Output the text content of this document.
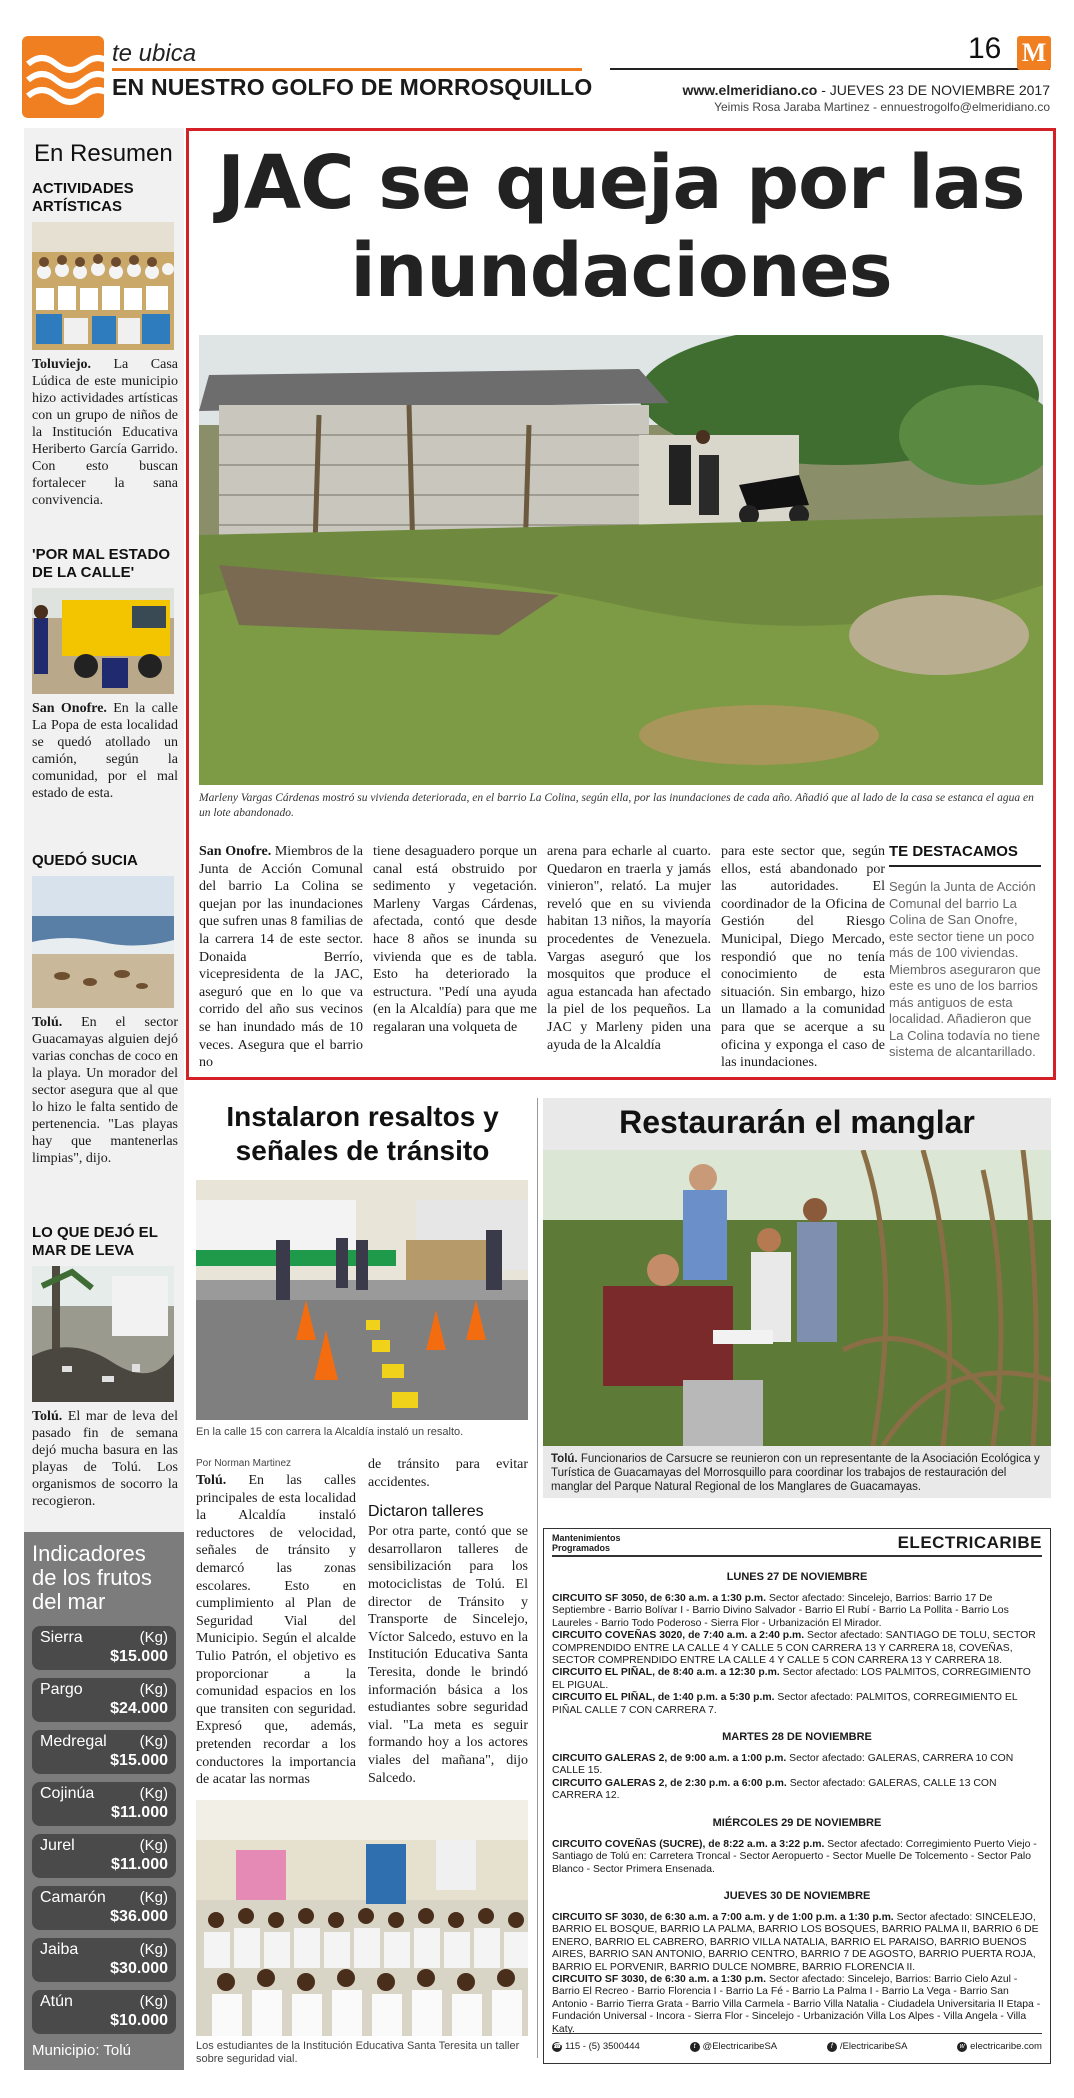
te ubica
EN NUESTRO GOLFO DE MORROSQUILLO
16 M
www.elmeridiano.co - JUEVES 23 DE NOVIEMBRE 2017
Yeimis Rosa Jaraba Martinez - ennuestrogolfo@elmeridiano.co
En Resumen
ACTIVIDADES ARTÍSTICAS
Toluviejo. La Casa Lúdica de este municipio hizo actividades artísticas con un grupo de niños de la Institución Educativa Heriberto García Garrido. Con esto buscan fortalecer la sana convivencia.
'POR MAL ESTADO DE LA CALLE'
San Onofre. En la calle La Popa de esta localidad se quedó atollado un camión, según la comunidad, por el mal estado de esta.
QUEDÓ SUCIA
Tolú. En el sector Guacamayas alguien dejó varias conchas de coco en la playa. Un morador del sector asegura que al que lo hizo le falta sentido de pertenencia. "Las playas hay que mantenerlas limpias", dijo.
LO QUE DEJÓ EL MAR DE LEVA
Tolú. El mar de leva del pasado fin de semana dejó mucha basura en las playas de Tolú. Los organismos de socorro la recogieron.
Indicadores de los frutos del mar
Sierra	(Kg)
$15.000
Pargo	(Kg)
$24.000
Medregal (Kg)
$15.000
Cojinúa	(Kg)
$11.000
Jurel	(Kg)
$11.000
Camarón (Kg)
$36.000
Jaiba	(Kg)
$30.000
Atún	(Kg)
$10.000
Municipio: Tolú
JAC se queja por las inundaciones
Marleny Vargas Cárdenas mostró su vivienda deteriorada, en el barrio La Colina, según ella, por las inundaciones de cada año. Añadió que al lado de la casa se estanca el agua en un lote abandonado.
San Onofre. Miembros de la Junta de Acción Comunal del barrio La Colina se quejan por las inundaciones que sufren unas 8 familias de la carrera 14 de este sector. Donaida Berrío, vicepresidenta de la JAC, aseguró que en lo que va corrido del año sus vecinos se han inundado más de 10 veces. Asegura que el barrio no
tiene desaguadero porque un canal está obstruido por sedimento y vegetación. Marleny Vargas Cárdenas, afectada, contó que desde hace 8 años se inunda su vivienda que es de tabla. Esto ha deteriorado la estructura. "Pedí una ayuda (en la Alcaldía) para que me regalaran una volqueta de
arena para echarle al cuarto. Quedaron en traerla y jamás vinieron", relató. La mujer reveló que en su vivienda habitan 13 niños, la mayoría procedentes de Venezuela. Vargas aseguró que los mosquitos que produce el agua estancada han afectado la piel de los pequeños. La JAC y Marleny piden una ayuda de la Alcaldía
para este sector que, según ellos, está abandonado por las autoridades. El coordinador de la Oficina de Gestión del Riesgo Municipal, Diego Mercado, respondió que no tenía conocimiento de esta situación. Sin embargo, hizo un llamado a la comunidad para que se acerque a su oficina y exponga el caso de las inundaciones.
TE DESTACAMOS
Según la Junta de Acción Comunal del barrio La Colina de San Onofre, este sector tiene un poco más de 100 viviendas. Miembros aseguraron que este es uno de los barrios más antiguos de esta localidad. Añadieron que La Colina todavía no tiene sistema de alcantarillado.
Instalaron resaltos y señales de tránsito
En la calle 15 con carrera la Alcaldía instaló un resalto.
Por Norman Martinez
Tolú. En las calles principales de esta localidad la Alcaldía instaló reductores de velocidad, señales de tránsito y demarcó las zonas escolares. Esto en cumplimiento al Plan de Seguridad Vial del Municipio. Según el alcalde Tulio Patrón, el objetivo es proporcionar a la comunidad espacios en los que transiten con seguridad. Expresó que, además, pretenden recordar a los conductores la importancia de acatar las normas
de tránsito para evitar accidentes.
Dictaron talleres
Por otra parte, contó que se desarrollaron talleres de sensibilización para los motociclistas de Tolú. El director de Tránsito y Transporte de Sincelejo, Víctor Salcedo, estuvo en la Institución Educativa Santa Teresita, donde le brindó información básica a los estudiantes sobre seguridad vial. "La meta es seguir formando hoy a los actores viales del mañana", dijo Salcedo.
Los estudiantes de la Institución Educativa Santa Teresita un taller sobre seguridad vial.
Restaurarán el manglar
Tolú. Funcionarios de Carsucre se reunieron con un representante de la Asociación Ecológica y Turística de Guacamayas del Morrosquillo para coordinar los trabajos de restauración del manglar del Parque Natural Regional de los Manglares de Guacamayas.
Mantenimientos Programados	ELECTRICARIBE
LUNES 27 DE NOVIEMBRE
CIRCUITO SF 3050, de 6:30 a.m. a 1:30 p.m. Sector afectado: Sincelejo, Barrios: Barrio 17 De Septiembre - Barrio Bolívar I - Barrio Divino Salvador - Barrio El Rubí - Barrio La Pollita - Barrio Los Laureles - Barrio Todo Poderoso - Sierra Flor - Urbanización El Mirador.
CIRCUITO COVEÑAS 3020, de 7:40 a.m. a 2:40 p.m. Sector afectado: SANTIAGO DE TOLU, SECTOR COMPRENDIDO ENTRE LA CALLE 4 Y CALLE 5 CON CARRERA 13 Y CARRERA 18, COVEÑAS, SECTOR COMPRENDIDO ENTRE LA CALLE 4 Y CALLE 5 CON CARRERA 13 Y CARRERA 18.
CIRCUITO EL PIÑAL, de 8:40 a.m. a 12:30 p.m. Sector afectado: LOS PALMITOS, CORREGIMIENTO EL PIGUAL.
CIRCUITO EL PIÑAL, de 1:40 p.m. a 5:30 p.m. Sector afectado: PALMITOS, CORREGIMIENTO EL PIÑAL CALLE 7 CON CARRERA 7.
MARTES 28 DE NOVIEMBRE
CIRCUITO GALERAS 2, de 9:00 a.m. a 1:00 p.m. Sector afectado: GALERAS, CARRERA 10 CON CALLE 15.
CIRCUITO GALERAS 2, de 2:30 p.m. a 6:00 p.m. Sector afectado: GALERAS, CALLE 13 CON CARRERA 12.
MIÉRCOLES 29 DE NOVIEMBRE
CIRCUITO COVEÑAS (SUCRE), de 8:22 a.m. a 3:22 p.m. Sector afectado: Corregimiento Puerto Viejo - Santiago de Tolú en: Carretera Troncal - Sector Aeropuerto - Sector Muelle De Tolcemento - Sector Palo Blanco - Sector Primera Ensenada.
JUEVES 30 DE NOVIEMBRE
CIRCUITO SF 3030, de 6:30 a.m. a 7:00 a.m. y de 1:00 p.m. a 1:30 p.m. Sector afectado: SINCELEJO, BARRIO EL BOSQUE, BARRIO LA PALMA, BARRIO LOS BOSQUES, BARRIO PALMA II, BARRIO 6 DE ENERO, BARRIO EL CABRERO, BARRIO VILLA NATALIA, BARRIO EL PARAISO, BARRIO BUENOS AIRES, BARRIO SAN ANTONIO, BARRIO CENTRO, BARRIO 7 DE AGOSTO, BARRIO PUERTA ROJA, BARRIO EL PORVENIR, BARRIO DULCE NOMBRE, BARRIO FLORENCIA II.
CIRCUITO SF 3030, de 6:30 a.m. a 1:30 p.m. Sector afectado: Sincelejo, Barrios: Barrio Cielo Azul - Barrio El Recreo - Barrio Florencia I - Barrio La Fé - Barrio La Palma I - Barrio La Vega - Barrio San Antonio - Barrio Tierra Grata - Barrio Villa Carmela - Barrio Villa Natalia - Ciudadela Universitaria II Etapa - Fundación Universal - Incora - Sierra Flor - Sincelejo - Urbanización Villa Los Alpes - Villa Angela - Villa Katy.
☎ 115 - (5) 3500444	t @ElectricaribeSA	f /ElectricaribeSA	w electricaribe.com
